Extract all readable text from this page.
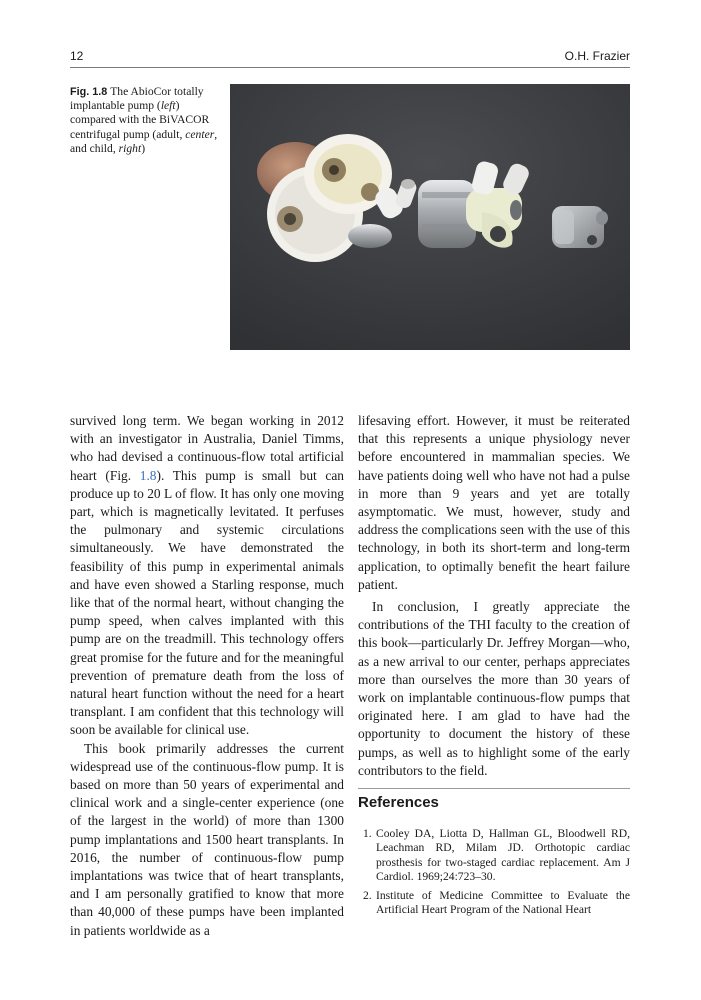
12	O.H. Frazier
Fig. 1.8 The AbioCor totally implantable pump (left) compared with the BiVACOR centrifugal pump (adult, center, and child, right)

survived long term. We began working in 2012 with an investigator in Australia, Daniel Timms, who had devised a continuous-flow total artificial heart (Fig. 1.8). This pump is small but can produce up to 20 L of flow. It has only one moving part, which is magnetically levitated. It perfuses the pulmonary and systemic circulations simultaneously. We have demonstrated the feasibility of this pump in experimental animals and have even showed a Starling response, much like that of the normal heart, without changing the pump speed, when calves implanted with this pump are on the treadmill. This technology offers great promise for the future and for the meaningful prevention of premature death from the loss of natural heart function without the need for a heart transplant. I am confident that this technology will soon be available for clinical use.

This book primarily addresses the current widespread use of the continuous-flow pump. It is based on more than 50 years of experimental and clinical work and a single-center experience (one of the largest in the world) of more than 1300 pump implantations and 1500 heart transplants. In 2016, the number of continuous-flow pump implantations was twice that of heart transplants, and I am personally gratified to know that more than 40,000 of these pumps have been implanted in patients worldwide as a

lifesaving effort. However, it must be reiterated that this represents a unique physiology never before encountered in mammalian species. We have patients doing well who have not had a pulse in more than 9 years and yet are totally asymptomatic. We must, however, study and address the complications seen with the use of this technology, in both its short-term and long-term application, to optimally benefit the heart failure patient.

In conclusion, I greatly appreciate the contributions of the THI faculty to the creation of this book—particularly Dr. Jeffrey Morgan—who, as a new arrival to our center, perhaps appreciates more than ourselves the more than 30 years of work on implantable continuous-flow pumps that originated here. I am glad to have had the opportunity to document the history of these pumps, as well as to highlight some of the early contributors to the field.

References
1. Cooley DA, Liotta D, Hallman GL, Bloodwell RD, Leachman RD, Milam JD. Orthotopic cardiac prosthesis for two-staged cardiac replacement. Am J Cardiol. 1969;24:723–30.
2. Institute of Medicine Committee to Evaluate the Artificial Heart Program of the National Heart
